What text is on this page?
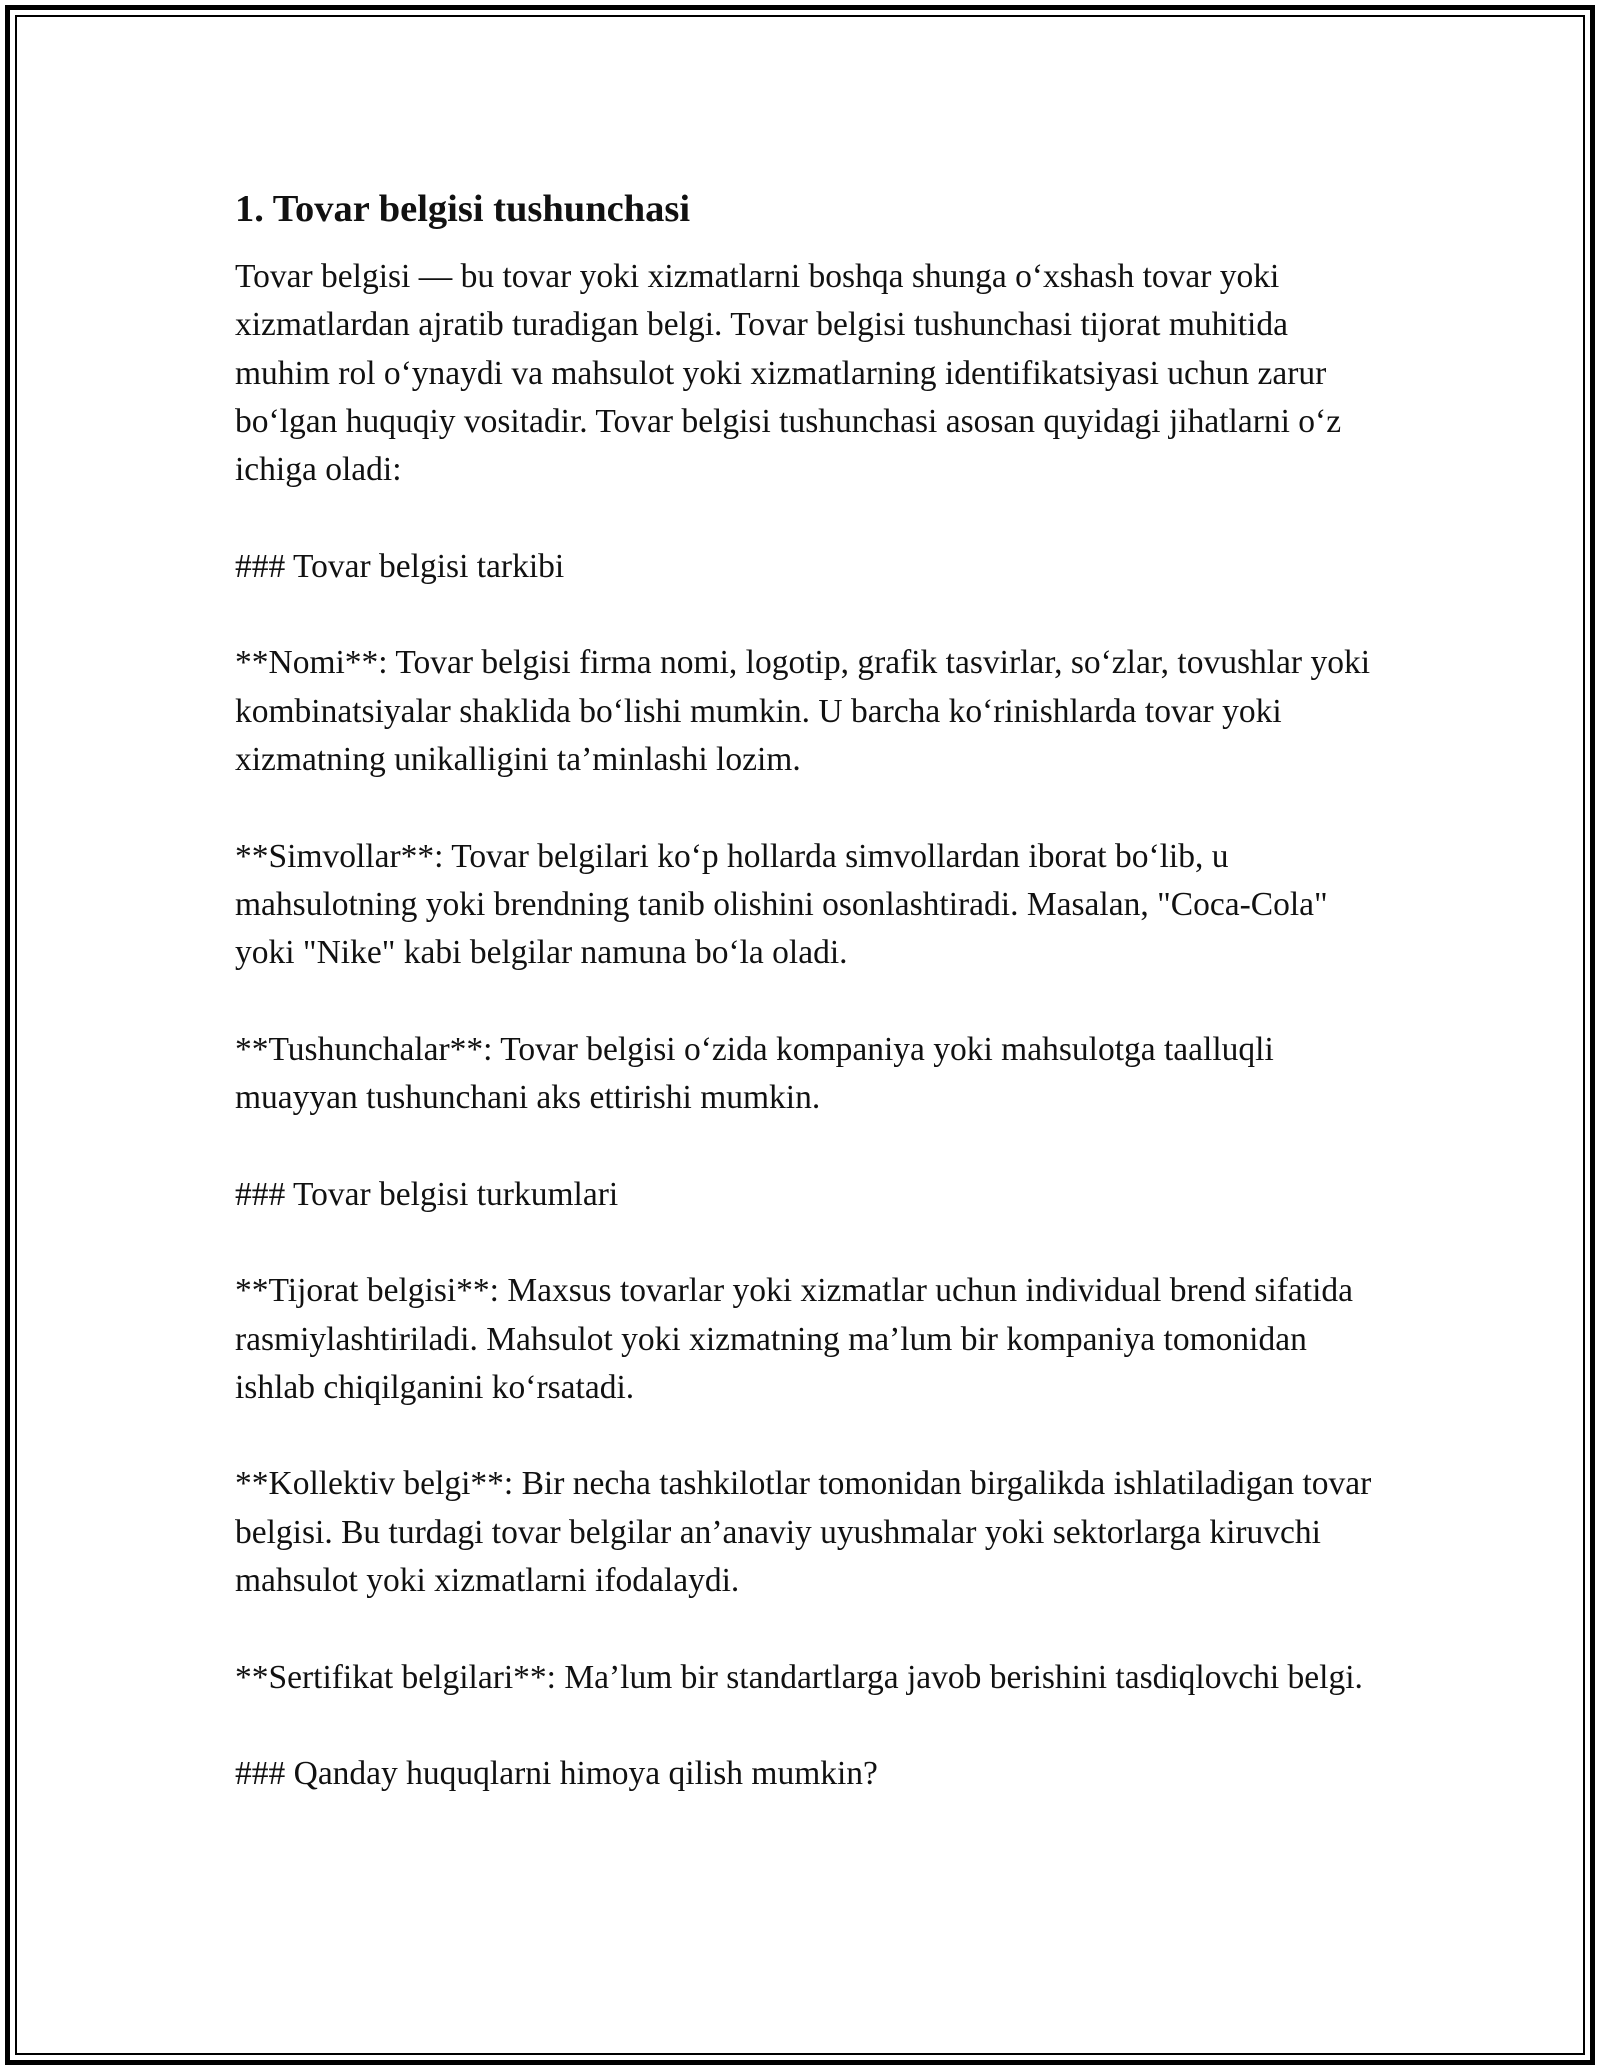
1. Tovar belgisi tushunchasi
Tovar belgisi — bu tovar yoki xizmatlarni boshqa shunga o‘xshash tovar yoki xizmatlardan ajratib turadigan belgi. Tovar belgisi tushunchasi tijorat muhitida muhim rol o‘ynaydi va mahsulot yoki xizmatlarning identifikatsiyasi uchun zarur bo‘lgan huquqiy vositadir. Tovar belgisi tushunchasi asosan quyidagi jihatlarni o‘z ichiga oladi:
### Tovar belgisi tarkibi
**Nomi**: Tovar belgisi firma nomi, logotip, grafik tasvirlar, so‘zlar, tovushlar yoki kombinatsiyalar shaklida bo‘lishi mumkin. U barcha ko‘rinishlarda tovar yoki xizmatning unikalligini ta’minlashi lozim.
**Simvollar**: Tovar belgilari ko‘p hollarda simvollardan iborat bo‘lib, u mahsulotning yoki brendning tanib olishini osonlashtiradi. Masalan, "Coca-Cola" yoki "Nike" kabi belgilar namuna bo‘la oladi.
**Tushunchalar**: Tovar belgisi o‘zida kompaniya yoki mahsulotga taalluqli muayyan tushunchani aks ettirishi mumkin.
### Tovar belgisi turkumlari
**Tijorat belgisi**: Maxsus tovarlar yoki xizmatlar uchun individual brend sifatida rasmiylashtiriladi. Mahsulot yoki xizmatning ma’lum bir kompaniya tomonidan ishlab chiqilganini ko‘rsatadi.
**Kollektiv belgi**: Bir necha tashkilotlar tomonidan birgalikda ishlatiladigan tovar belgisi. Bu turdagi tovar belgilar an’anaviy uyushmalar yoki sektorlarga kiruvchi mahsulot yoki xizmatlarni ifodalaydi.
**Sertifikat belgilari**: Ma’lum bir standartlarga javob berishini tasdiqlovchi belgi.
### Qanday huquqlarni himoya qilish mumkin?
